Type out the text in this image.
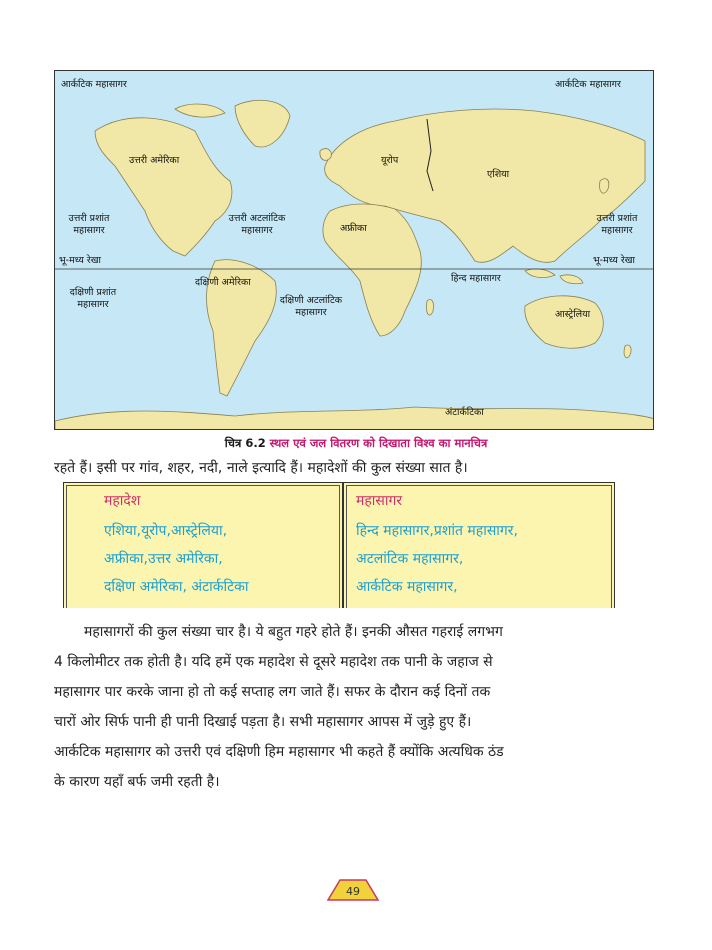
आर्कटिक महासागर	आर्कटिक महासागर
उत्तरी अमेरिका	यूरोप
एशिया
उत्तरी प्रशांत महासागर
उत्तरी अटलांटिक महासागर	अफ्रीका
उत्तरी प्रशांत महासागर
भू-मध्य रेखा	भू-मध्य रेखा
दक्षिणी प्रशांत महासागर
दक्षिणी अमेरिका	हिन्द महासागर
दक्षिणी अटलांटिक महासागर	आस्ट्रेलिया
अंटार्कटिका
चित्र 6.2 स्थल एवं जल वितरण को दिखाता विश्व का मानचित्र
रहते हैं। इसी पर गांव, शहर, नदी, नाले इत्यादि हैं। महादेशों की कुल संख्या सात है।
महादेश
एशिया,यूरोप,आस्ट्रेलिया,
अफ्रीका,उत्तर अमेरिका,
दक्षिण अमेरिका, अंटार्कटिका
महासागर
हिन्द महासागर,प्रशांत महासागर,
अटलांटिक महासागर,
आर्कटिक महासागर,
महासागरों की कुल संख्या चार है। ये बहुत गहरे होते हैं। इनकी औसत गहराई लगभग
4 किलोमीटर तक होती है। यदि हमें एक महादेश से दूसरे महादेश तक पानी के जहाज से
महासागर पार करके जाना हो तो कई सप्ताह लग जाते हैं। सफर के दौरान कई दिनों तक
चारों ओर सिर्फ पानी ही पानी दिखाई पड़ता है। सभी महासागर आपस में जुड़े हुए हैं।
आर्कटिक महासागर को उत्तरी एवं दक्षिणी हिम महासागर भी कहते हैं क्योंकि अत्यधिक ठंड
के कारण यहाँ बर्फ जमी रहती है।
49
